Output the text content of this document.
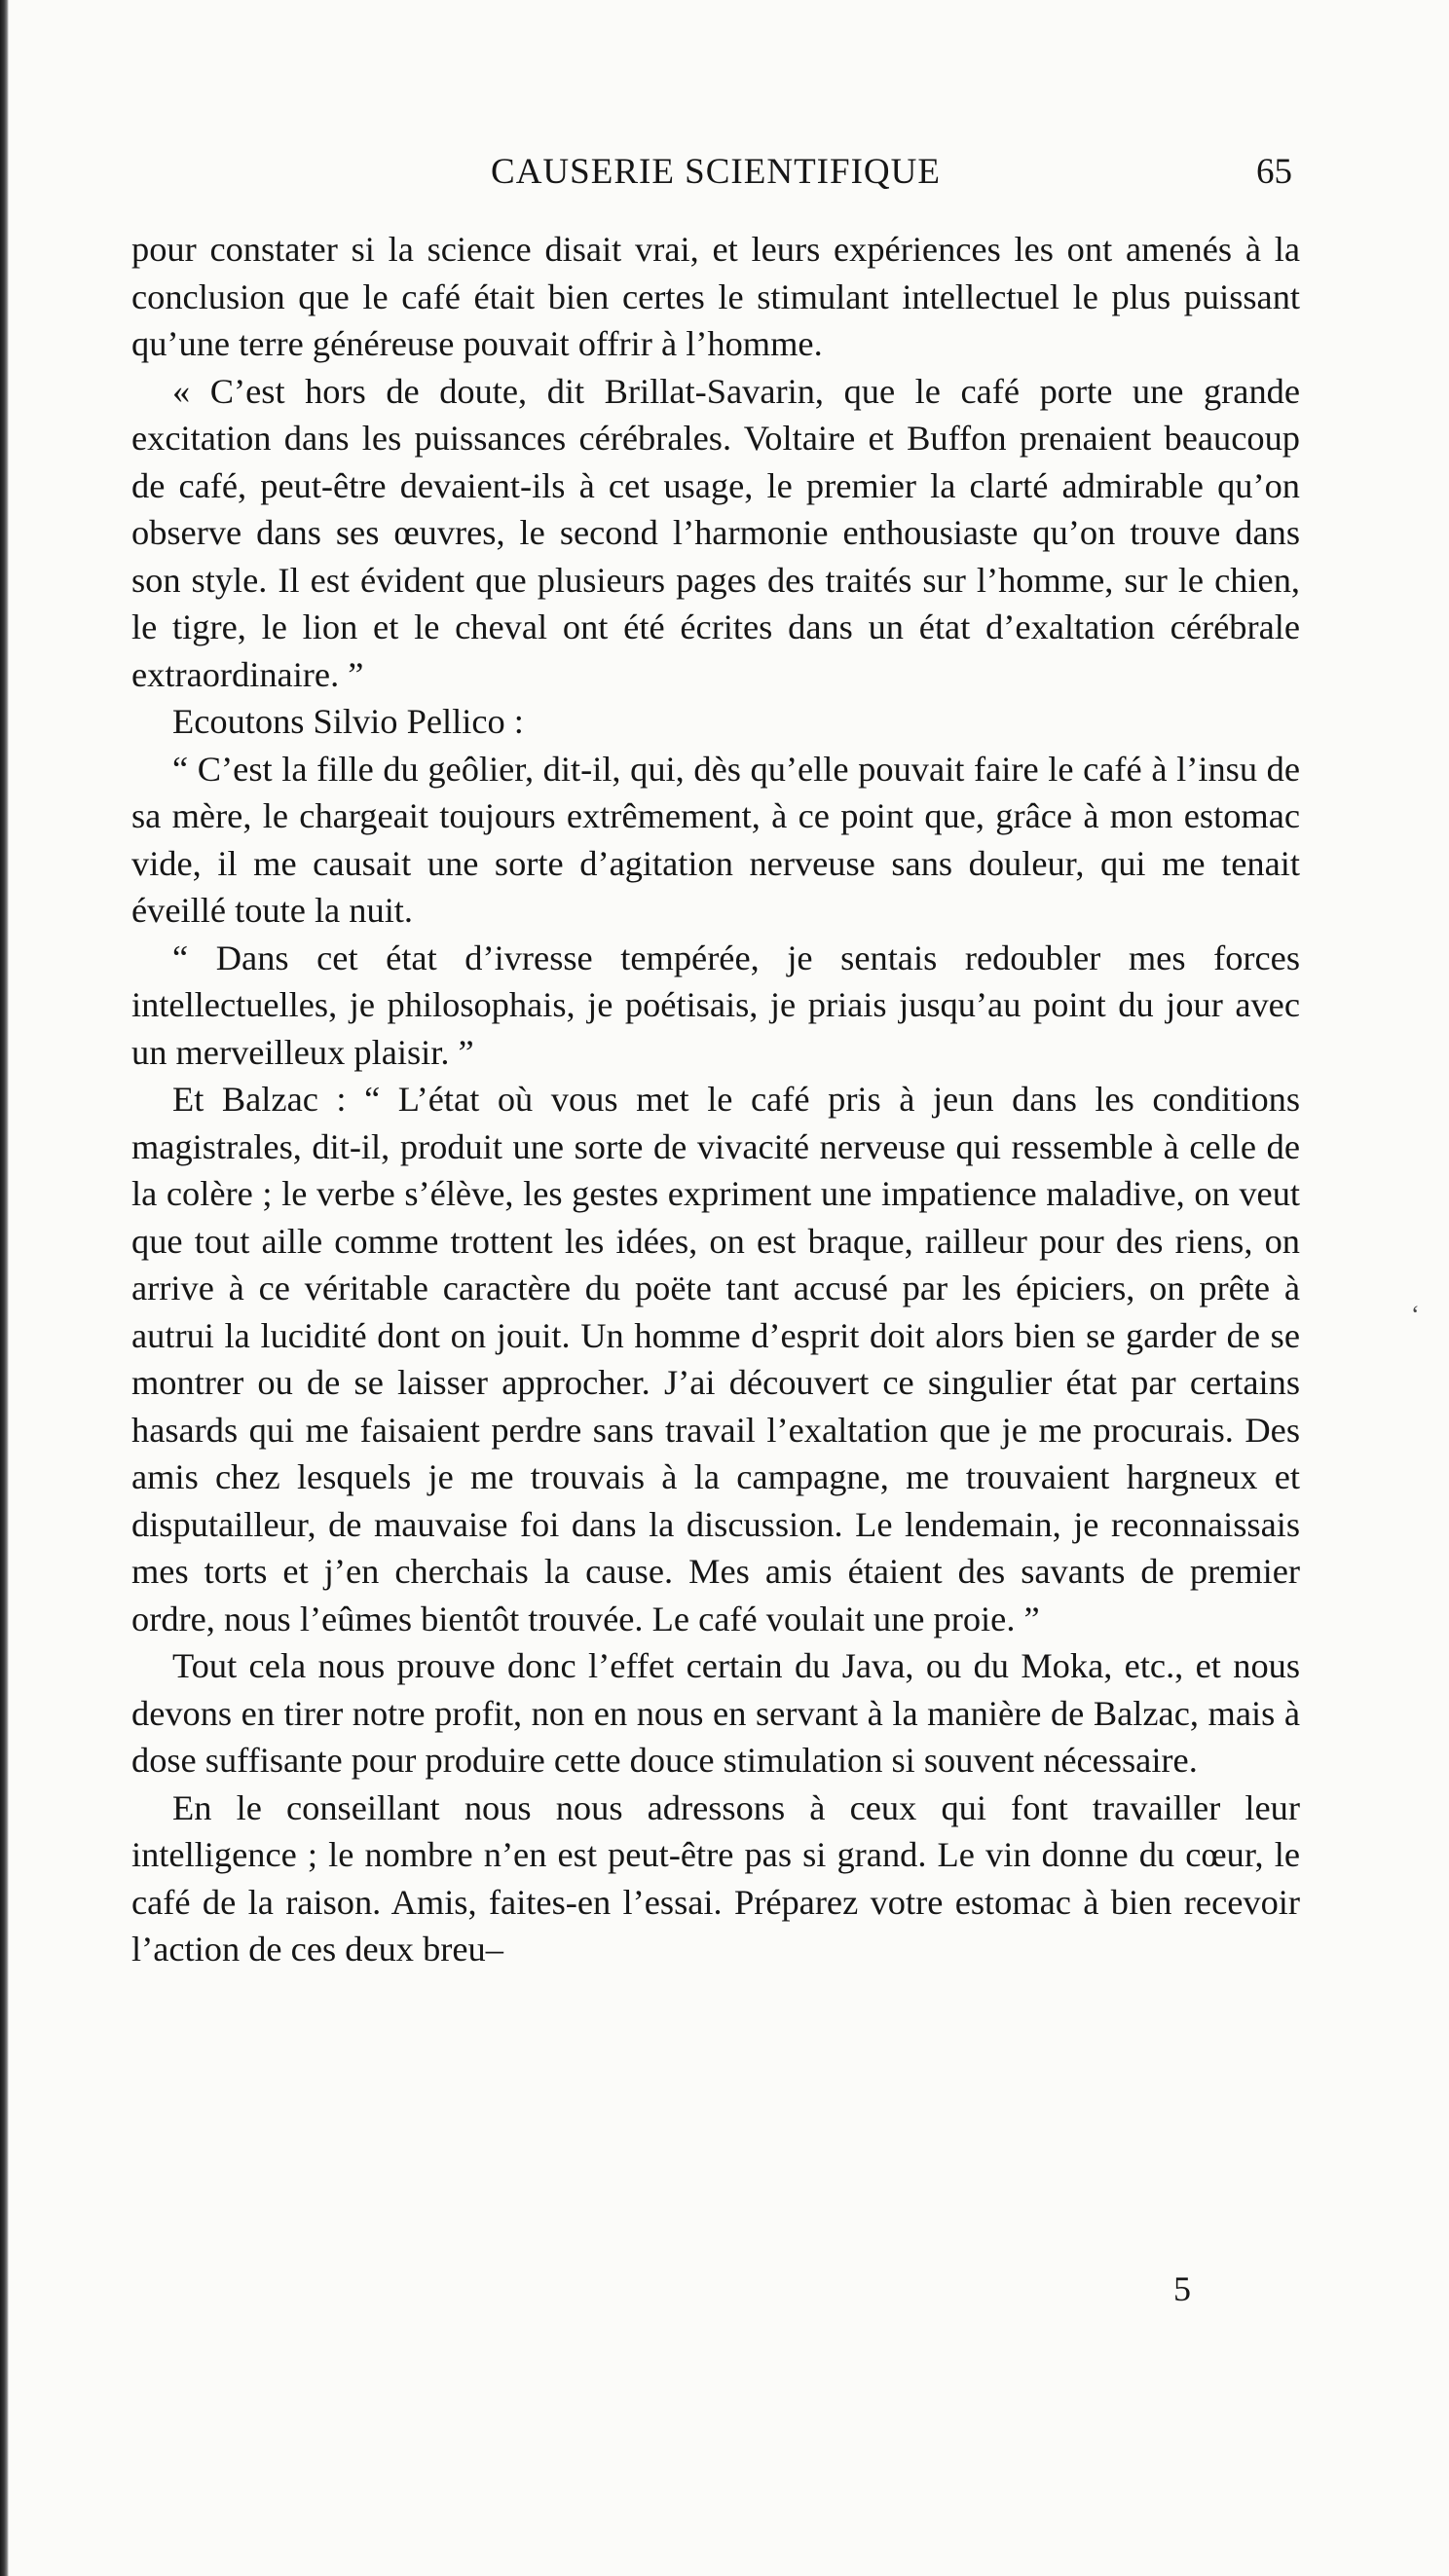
‘
CAUSERIE SCIENTIFIQUE	65

pour constater si la science disait vrai, et leurs expériences les ont amenés à la conclusion que le café était bien certes le stimulant intellectuel le plus puissant qu’une terre généreuse pouvait offrir à l’homme.

« C’est hors de doute, dit Brillat-Savarin, que le café porte une grande excitation dans les puissances cérébrales. Voltaire et Buffon prenaient beaucoup de café, peut-être devaient-ils à cet usage, le premier la clarté admirable qu’on observe dans ses œuvres, le second l’harmonie enthousiaste qu’on trouve dans son style. Il est évident que plusieurs pages des traités sur l’homme, sur le chien, le tigre, le lion et le cheval ont été écrites dans un état d’exaltation cérébrale extraordinaire. ”

Ecoutons Silvio Pellico :

“ C’est la fille du geôlier, dit-il, qui, dès qu’elle pouvait faire le café à l’insu de sa mère, le chargeait toujours extrêmement, à ce point que, grâce à mon estomac vide, il me causait une sorte d’agitation nerveuse sans douleur, qui me tenait éveillé toute la nuit.

“ Dans cet état d’ivresse tempérée, je sentais redoubler mes forces intellectuelles, je philosophais, je poétisais, je priais jusqu’au point du jour avec un merveilleux plaisir. ”

Et Balzac : “ L’état où vous met le café pris à jeun dans les conditions magistrales, dit-il, produit une sorte de vivacité nerveuse qui ressemble à celle de la colère ; le verbe s’élève, les gestes expriment une impatience maladive, on veut que tout aille comme trottent les idées, on est braque, railleur pour des riens, on arrive à ce véritable caractère du poëte tant accusé par les épiciers, on prête à autrui la lucidité dont on jouit. Un homme d’esprit doit alors bien se garder de se montrer ou de se laisser approcher. J’ai découvert ce singulier état par certains hasards qui me faisaient perdre sans travail l’exaltation que je me procurais. Des amis chez lesquels je me trouvais à la campagne, me trouvaient hargneux et disputailleur, de mauvaise foi dans la discussion. Le lendemain, je reconnaissais mes torts et j’en cherchais la cause. Mes amis étaient des savants de premier ordre, nous l’eûmes bientôt trouvée. Le café voulait une proie. ”

Tout cela nous prouve donc l’effet certain du Java, ou du Moka, etc., et nous devons en tirer notre profit, non en nous en servant à la manière de Balzac, mais à dose suffisante pour produire cette douce stimulation si souvent nécessaire.

En le conseillant nous nous adressons à ceux qui font travailler leur intelligence ; le nombre n’en est peut-être pas si grand. Le vin donne du cœur, le café de la raison. Amis, faites-en l’essai. Préparez votre estomac à bien recevoir l’action de ces deux breu–

5
